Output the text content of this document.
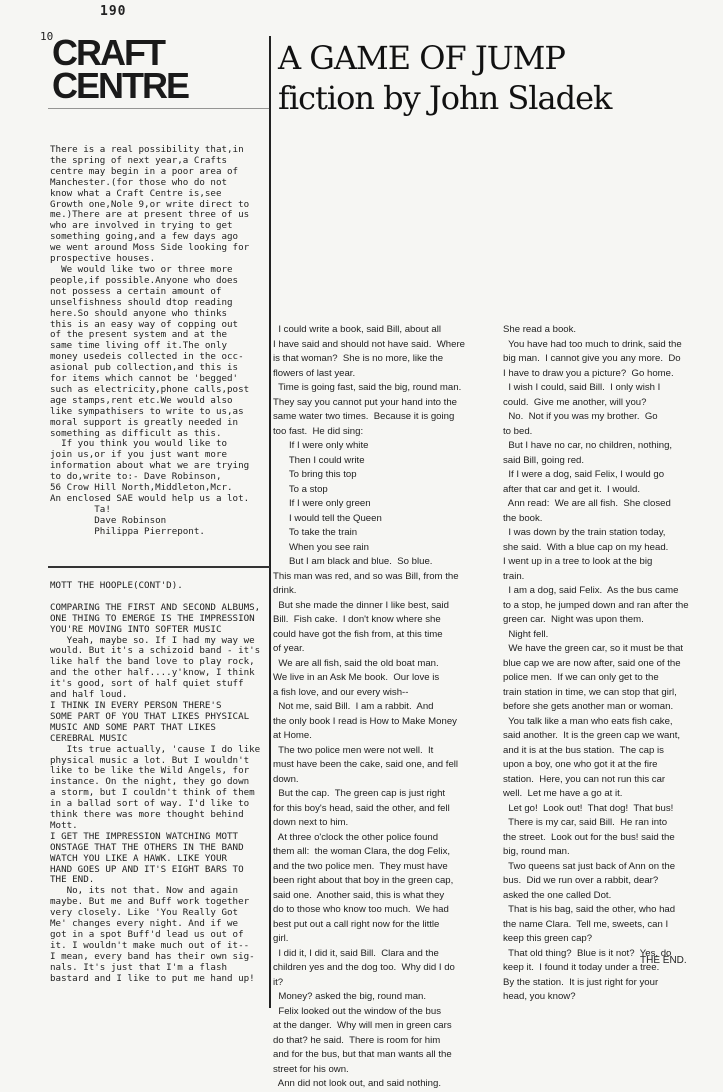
190
10
CRAFT
CENTRE
A GAME OF JUMP
fiction by John Sladek
There is a real possibility that,in
the spring of next year,a Crafts
centre may begin in a poor area of
Manchester.(for those who do not
know what a Craft Centre is,see
Growth one,Nole 9,or write direct to
me.)There are at present three of us
who are involved in trying to get
something going,and a few days ago
we went around Moss Side looking for
prospective houses.
We would like two or three more
people,if possible.Anyone who does
not possess a certain amount of
unselfishness should dtop reading
here.So should anyone who thinks
this is an easy way of copping out
of the present system and at the
same time living off it.The only
money usedeis collected in the occ-
asional pub collection,and this is
for items which cannot be 'begged'
such as electricity,phone calls,post
age stamps,rent etc.We would also
like sympathisers to write to us,as
moral support is greatly needed in
something as difficult as this.
If you think you would like to
join us,or if you just want more
information about what we are trying
to do,write to:- Dave Robinson,
56 Crow Hill North,Middleton,Mcr.
An enclosed SAE would help us a lot.
Ta!
Dave Robinson
Philippa Pierrepont.
MOTT THE HOOPLE(CONT'D).

COMPARING THE FIRST AND SECOND ALBUMS,
ONE THING TO EMERGE IS THE IMPRESSION
YOU'RE MOVING INTO SOFTER MUSIC
Yeah, maybe so. If I had my way we
would. But it's a schizoid band - it's
like half the band love to play rock,
and the other half....y'know, I think
it's good, sort of half quiet stuff
and half loud.
I THINK IN EVERY PERSON THERE'S
SOME PART OF YOU THAT LIKES PHYSICAL
MUSIC AND SOME PART THAT LIKES
CEREBRAL MUSIC
Its true actually, 'cause I do like
physical music a lot. But I wouldn't
like to be like the Wild Angels, for
instance. On the night, they go down
a storm, but I couldn't think of them
in a ballad sort of way. I'd like to
think there was more thought behind
Mott.
I GET THE IMPRESSION WATCHING MOTT
ONSTAGE THAT THE OTHERS IN THE BAND
WATCH YOU LIKE A HAWK. LIKE YOUR
HAND GOES UP AND IT'S EIGHT BARS TO
THE END.
No, its not that. Now and again
maybe. But me and Buff work together
very closely. Like 'You Really Got
Me' changes every night. And if we
got in a spot Buff'd lead us out of
it. I wouldn't make much out of it--
I mean, every band has their own sig-
nals. It's just that I'm a flash
bastard and I like to put me hand up!
I could write a book, said Bill, about all
I have said and should not have said.  Where
is that woman?  She is no more, like the
flowers of last year.
Time is going fast, said the big, round man.
They say you cannot put your hand into the
same water two times.  Because it is going
too fast.  He did sing:
If I were only white
Then I could write
To bring this top
To a stop
If I were only green
I would tell the Queen
To take the train
When you see rain
But I am black and blue.  So blue.
This man was red, and so was Bill, from the
drink.
But she made the dinner I like best, said
Bill.  Fish cake.  I don't know where she
could have got the fish from, at this time
of year.
We are all fish, said the old boat man.
We live in an Ask Me book.  Our love is
a fish love, and our every wish--
Not me, said Bill.  I am a rabbit.  And
the only book I read is How to Make Money
at Home.
The two police men were not well.  It
must have been the cake, said one, and fell
down.
But the cap.  The green cap is just right
for this boy's head, said the other, and fell
down next to him.
At three o'clock the other police found
them all:  the woman Clara, the dog Felix,
and the two police men.  They must have
been right about that boy in the green cap,
said one.  Another said, this is what they
do to those who know too much.  We had
best put out a call right now for the little
girl.
I did it, I did it, said Bill.  Clara and the
children yes and the dog too.  Why did I do
it?
Money? asked the big, round man.
Felix looked out the window of the bus
at the danger.  Why will men in green cars
do that? he said.  There is room for him
and for the bus, but that man wants all the
street for his own.
Ann did not look out, and said nothing.
She read a book.
You have had too much to drink, said the
big man.  I cannot give you any more.  Do
I have to draw you a picture?  Go home.
I wish I could, said Bill.  I only wish I
could.  Give me another, will you?
No.  Not if you was my brother.  Go
to bed.
But I have no car, no children, nothing,
said Bill, going red.
If I were a dog, said Felix, I would go
after that car and get it.  I would.
Ann read:  We are all fish.  She closed
the book.
I was down by the train station today,
she said.  With a blue cap on my head.
I went up in a tree to look at the big
train.
I am a dog, said Felix.  As the bus came
to a stop, he jumped down and ran after the
green car.  Night was upon them.
Night fell.
We have the green car, so it must be that
blue cap we are now after, said one of the
police men.  If we can only get to the
train station in time, we can stop that girl,
before she gets another man or woman.
You talk like a man who eats fish cake,
said another.  It is the green cap we want,
and it is at the bus station.  The cap is
upon a boy, one who got it at the fire
station.  Here, you can not run this car
well.  Let me have a go at it.
Let go!  Look out!  That dog!  That bus!
There is my car, said Bill.  He ran into
the street.  Look out for the bus! said the
big, round man.
Two queens sat just back of Ann on the
bus.  Did we run over a rabbit, dear?
asked the one called Dot.
That is his bag, said the other, who had
the name Clara.  Tell me, sweets, can I
keep this green cap?
That old thing?  Blue is it not?  Yes, do
keep it.  I found it today under a tree.
By the station.  It is just right for your
head, you know?
THE END.
